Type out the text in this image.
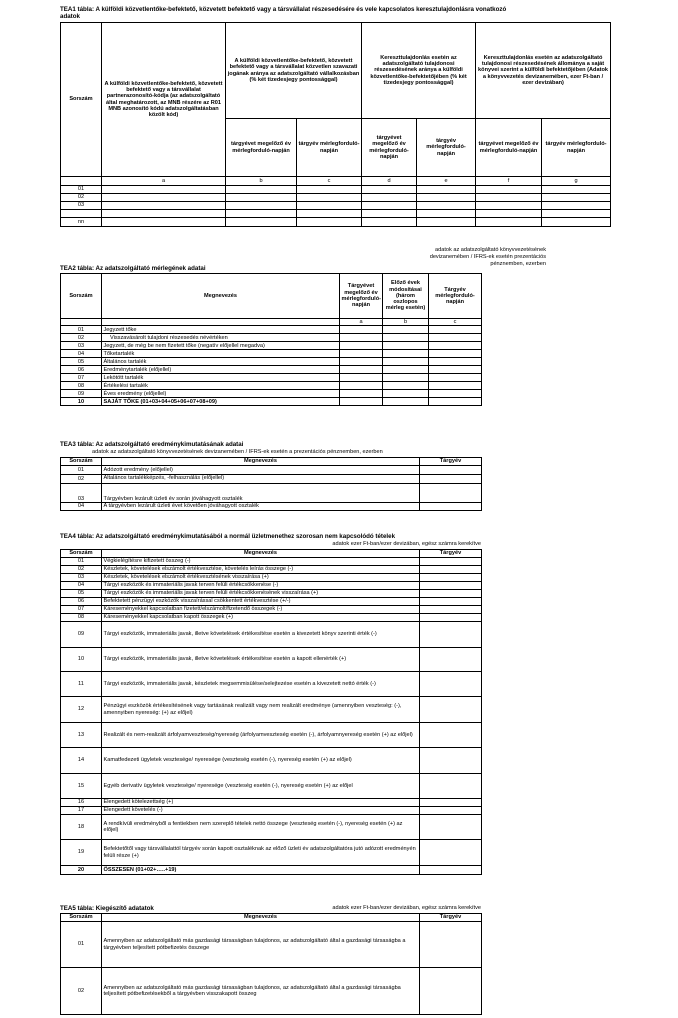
TEA1 tábla: A külföldi közvetlentőke-befektető, közvetett befektető vagy a társvállalat részesedésére és vele kapcsolatos keresztulajdonlásra vonatkozó
adatok
Sorszám	A külföldi közvetlentőke-befektető, közvetett befektető vagy a társvállalat partnerazonosító-kódja (az adatszolgáltató által meghatározott, az MNB részére az R01 MNB azonosító kódú adatszolgáltatásban közölt kód)	A külföldi közvetlentőke-befektető, közvetett befektető vagy a társvállalat közvetlen szavazati jogának aránya az adatszolgáltató vállalkozásban (% két tizedesjegy pontossággal)		Kereszttulajdonlás esetén az adatszolgáltató tulajdonosi részesedésének aránya a külföldi közvetlentőke-befektetőjében (% két tizedesjegy pontossággal)		Kereszttulajdonlás esetén az adatszolgáltató tulajdonosi részesedésének állománya a saját könyvei szerint a külföldi befektetőjében (Adatok a könyvvezetés devizanemében, ezer Ft-ban / ezer devizában)	
		tárgyévet megelőző év mérlegforduló-napján	tárgyév mérlegforduló-napján	tárgyévet megelőző év mérlegforduló-napján	tárgyév mérlegforduló-napján	tárgyévet megelőző év mérlegforduló-napján	tárgyév mérlegforduló-napján
	a	b	c	d	e	f	g
01							
02							
03							

nn							
adatok az adatszolgáltató könyvvezetésének
devizanemében / IFRS-ek esetén prezentációs
pénznemben, ezerben
TEA2 tábla: Az adatszolgáltató mérlegének adatai
Sorszám	Megnevezés	Tárgyévet megelőző év mérlegforduló-napján	Előző évek módosításai (három oszlopos mérleg esetén)	Tárgyév mérlegforduló-napján
		a	b	c
01	Jegyzett tőke			
02	Visszavásárolt tulajdoni részesedés névértéken			
03	Jegyzett, de még be nem fizetett tőke (negatív előjellel megadva)			
04	Tőketartalék			
05	Általános tartalék			
06	Eredménytartalék (előjellel)			
07	Lekötött tartalék			
08	Értékelési tartalék			
09	Éves eredmény (előjellel)			
10	SAJÁT TŐKE (01+03+04+05+06+07+08+09)			
TEA3 tábla: Az adatszolgáltató eredménykimutatásának adatai
adatok az adatszolgáltató könyvvezetésének devizanemében / IFRS-ek esetén a prezentációs pénznemben, ezerben
Sorszám	Megnevezés	Tárgyév
01	Adózott eredmény (előjellel)	
02	Általános tartalékképzés, -felhasználás (előjellel)	
03	Tárgyévben lezárult üzleti év során jóváhagyott osztalék	
04	A tárgyévben lezárult üzleti évet követően jóváhagyott osztalék	
TEA4 tábla: Az adatszolgáltató eredménykimutatásából a normál üzletmenethez szorosan nem kapcsolódó tételek
adatok ezer Ft-ban/ezer devizában, egész számra kerekítve
Sorszám	Megnevezés	Tárgyév
01	Végkielégítésre kifizetett összeg (-)	
02	Készletek, követelések elszámolt értékvesztése, követelés leírás összege (-)	
03	Készletek, követelések elszámolt értékvesztésének visszaírása (+)	
04	Tárgyi eszközök és immateriális javak terven felüli értékcsökkenése (-)	
05	Tárgyi eszközök és immateriális javak terven felüli értékcsökkenésének visszaírása (+)	
06	Befektetett pénzügyi eszközök visszaírással csökkentett értékvesztése (+/-)	
07	Káreseményekkel kapcsolatban fizetett/elszámolt/fizetendő összegek (-)	
08	Káreseményekkel kapcsolatban kapott összegek (+)	
09	Tárgyi eszközök, immateriális javak, illetve követelések értékesítése esetén a kivezetett könyv szerinti érték (-)	
10	Tárgyi eszközök, immateriális javak, illetve követelések értékesítése esetén a kapott ellenérték (+)	
11	Tárgyi eszközök, immateriális javak, készletek megsemmisülése/selejtezése esetén a kivezetett nettó érték (-)	
12	Pénzügyi eszközök értékesítésének vagy tartásának realizált vagy nem realizált eredménye (amennyiben veszteség: (-), amennyiben nyereség: (+) az előjel)	
13	Realizált és nem-realizált árfolyamveszteség/nyereség (árfolyamveszteség esetén (-), árfolyamnyereség esetén (+) az előjel)	
14	Kamatfedezeti ügyletek vesztesége/ nyeresége (veszteség esetén (-), nyereség esetén (+) az előjel)	
15	Egyéb derivatív ügyletek vesztesége/ nyeresége (veszteség esetén (-), nyereség esetén (+) az előjel	
16	Elengedett kötelezettség (+)	
17	Elengedett követelés (-)	
18	A rendkívüli eredményből a fentiekben nem szereplő tételek nettó összege (veszteség esetén (-), nyereség esetén (+) az előjel)	
19	Befektetőtől vagy társvállalattól tárgyév során kapott osztaléknak az előző üzleti év adatszolgáltatóra jutó adózott eredményén felüli része (+)	
20	ÖSSZESEN (01+02+…..+19)	
TEA5 tábla: Kiegészítő adatatok	adatok ezer Ft-ban/ezer devizában, egész számra kerekítve
Sorszám	Megnevezés	Tárgyév
01	Amennyiben az adatszolgáltató más gazdasági társaságban tulajdonos, az adatszolgáltató által a gazdasági társaságba a tárgyévben teljesített pótbefizetés összege	
02	Amennyiben az adatszolgáltató más gazdasági társaságban tulajdonos, az adatszolgáltató által a gazdasági társaságba teljesített pótbefizetésekből a tárgyévben visszakapott összeg	
